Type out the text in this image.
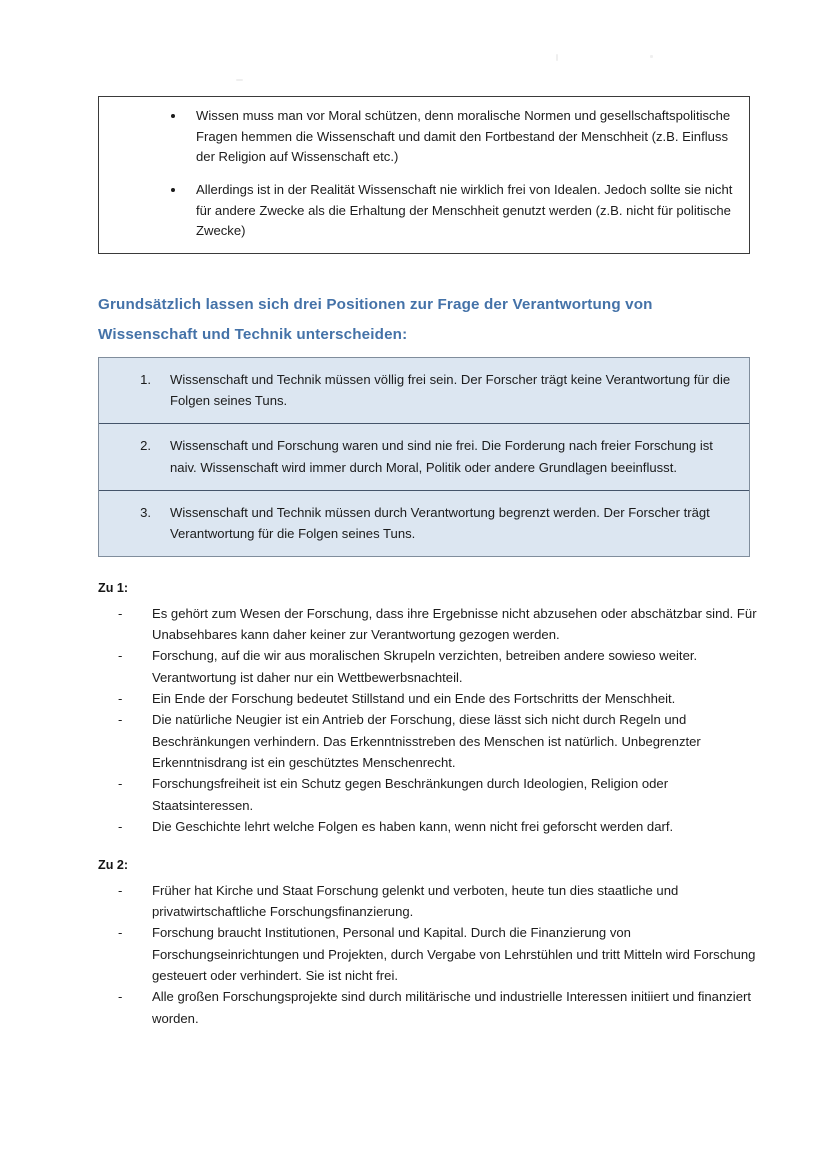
Wissen muss man vor Moral schützen, denn moralische Normen und gesellschaftspolitische Fragen hemmen die Wissenschaft und damit den Fortbestand der Menschheit (z.B. Einfluss der Religion auf Wissenschaft etc.)
Allerdings ist in der Realität Wissenschaft nie wirklich frei von Idealen. Jedoch sollte sie nicht für andere Zwecke als die Erhaltung der Menschheit genutzt werden (z.B. nicht für politische Zwecke)
Grundsätzlich lassen sich drei Positionen zur Frage der Verantwortung von Wissenschaft und Technik unterscheiden:
1. Wissenschaft und Technik müssen völlig frei sein. Der Forscher trägt keine Verantwortung für die Folgen seines Tuns.
2. Wissenschaft und Forschung waren und sind nie frei. Die Forderung nach freier Forschung ist naiv. Wissenschaft wird immer durch Moral, Politik oder andere Grundlagen beeinflusst.
3. Wissenschaft und Technik müssen durch Verantwortung begrenzt werden. Der Forscher trägt Verantwortung für die Folgen seines Tuns.
Zu 1:
- Es gehört zum Wesen der Forschung, dass ihre Ergebnisse nicht abzusehen oder abschätzbar sind. Für Unabsehbares kann daher keiner zur Verantwortung gezogen werden.
- Forschung, auf die wir aus moralischen Skrupeln verzichten, betreiben andere sowieso weiter. Verantwortung ist daher nur ein Wettbewerbsnachteil.
- Ein Ende der Forschung bedeutet Stillstand und ein Ende des Fortschritts der Menschheit.
- Die natürliche Neugier ist ein Antrieb der Forschung, diese lässt sich nicht durch Regeln und Beschränkungen verhindern. Das Erkenntnisstreben des Menschen ist natürlich. Unbegrenzter Erkenntnisdrang ist ein geschütztes Menschenrecht.
- Forschungsfreiheit ist ein Schutz gegen Beschränkungen durch Ideologien, Religion oder Staatsinteressen.
- Die Geschichte lehrt welche Folgen es haben kann, wenn nicht frei geforscht werden darf.
Zu 2:
- Früher hat Kirche und Staat Forschung gelenkt und verboten, heute tun dies staatliche und privatwirtschaftliche Forschungsfinanzierung.
- Forschung braucht Institutionen, Personal und Kapital. Durch die Finanzierung von Forschungseinrichtungen und Projekten, durch Vergabe von Lehrstühlen und tritt Mitteln wird Forschung gesteuert oder verhindert. Sie ist nicht frei.
- Alle großen Forschungsprojekte sind durch militärische und industrielle Interessen initiiert und finanziert worden.
